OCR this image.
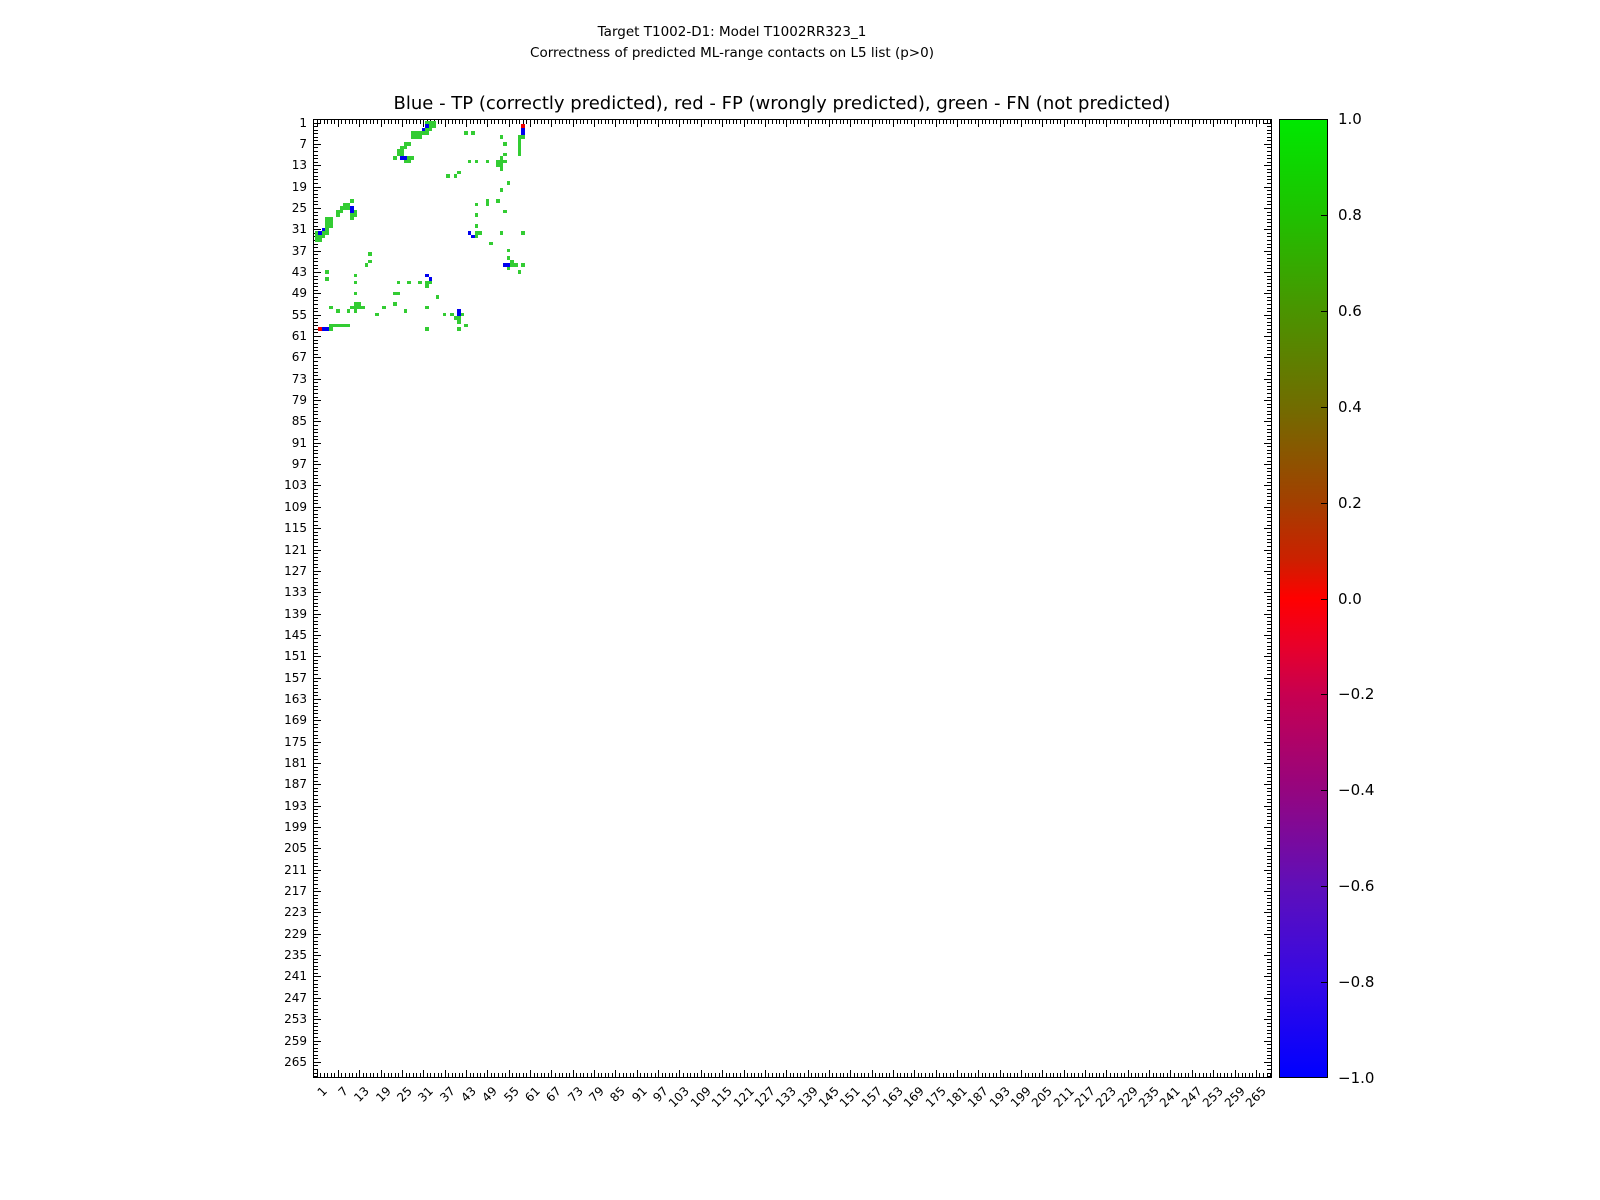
Target T1002-D1: Model T1002RR323_1
Correctness of predicted ML-range contacts on L5 list (p>0)
Blue - TP (correctly predicted), red - FP (wrongly predicted), green - FN (not predicted)
1
7
13
19
25
31
37
43
49
55
61
67
73
79
85
91
97
103
109
115
121
127
133
139
145
151
157
163
169
175
181
187
193
199
205
211
217
223
229
235
241
247
253
259
265
1 7 13 19 25 31 37 43 49 55 61 67 73 79 85 91 97
103
109
115
121
127
133
139
145
151
157
163
169
175
181
187
193
199
205
211
217
223
229
235
241
247
253
259
265
1.0
0.8
0.6
0.4
0.2
0.0
−0.2
−0.4
−0.6
−0.8
−1.0
